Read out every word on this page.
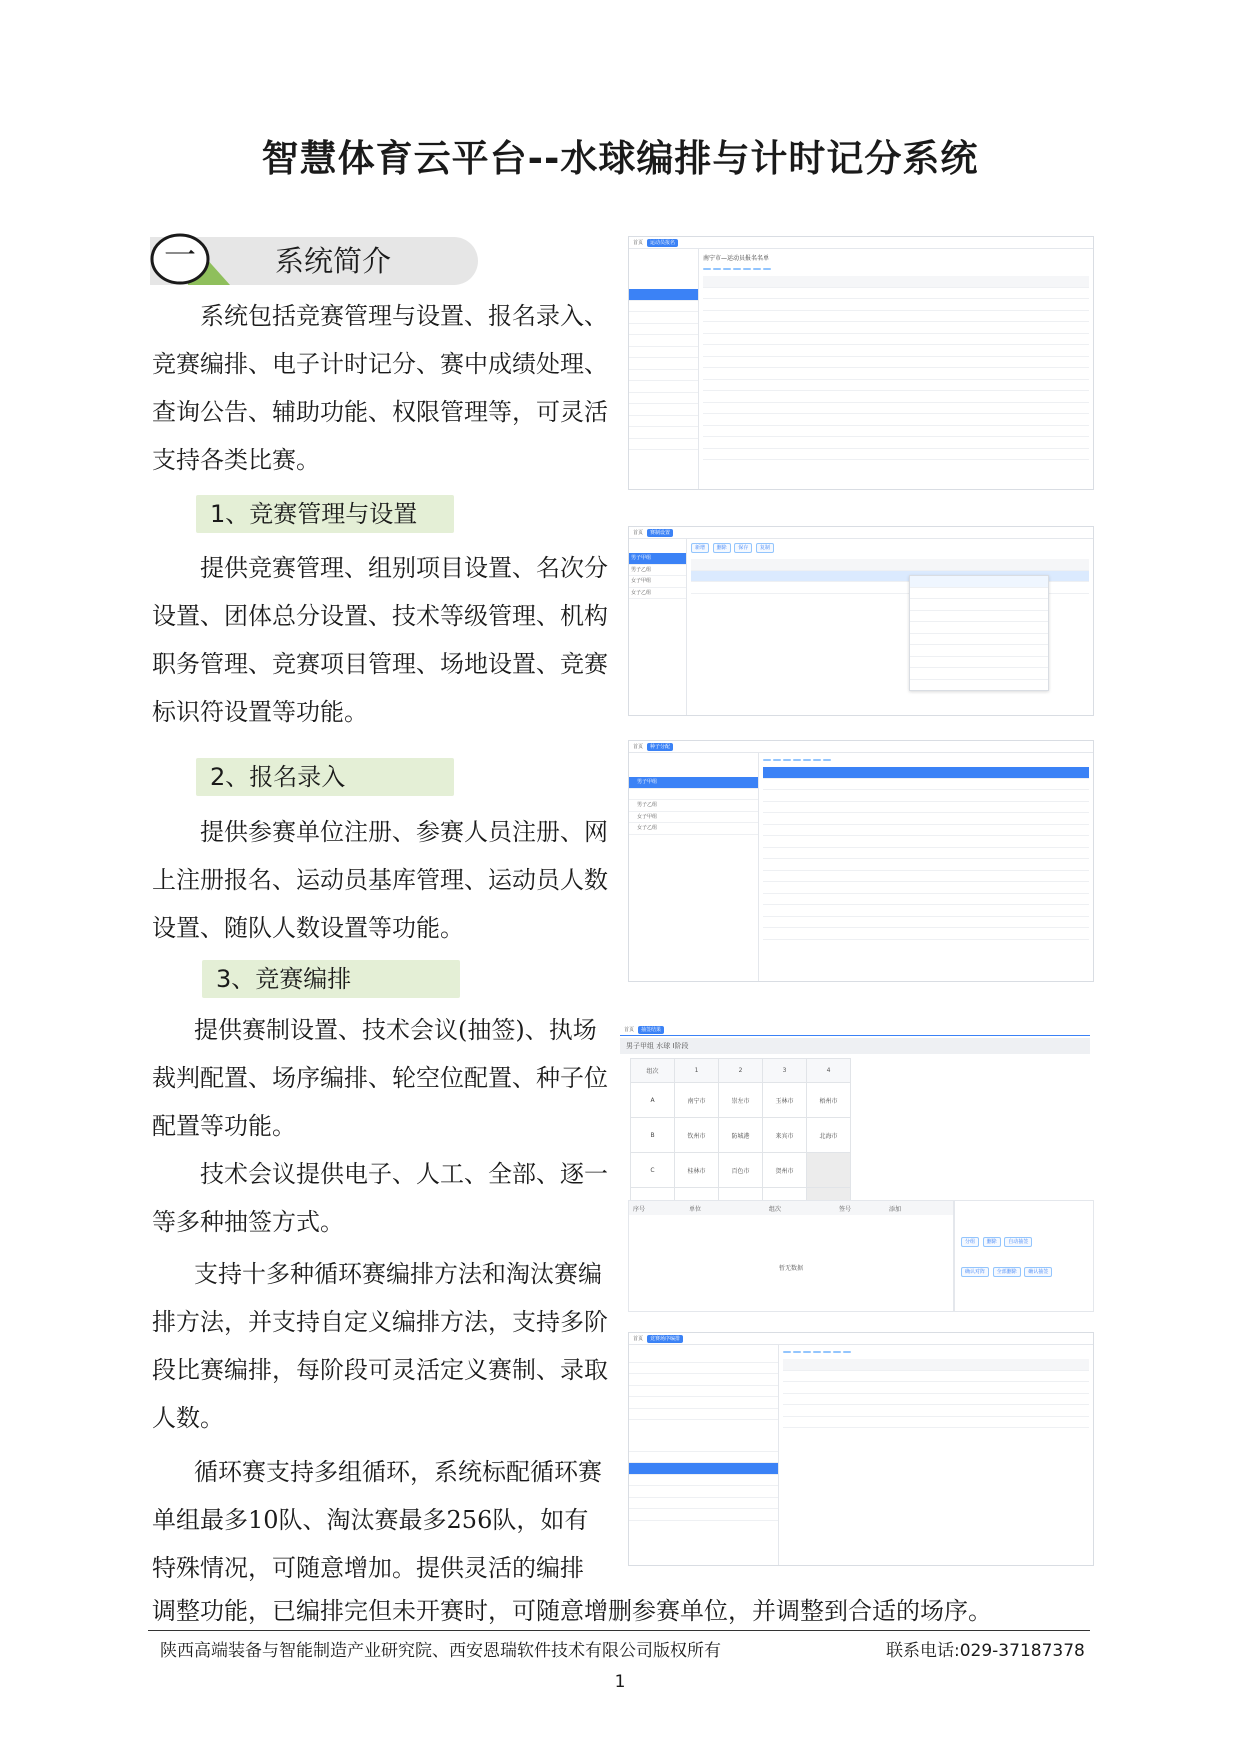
智慧体育云平台--水球编排与计时记分系统
一	系统简介
系统包括竞赛管理与设置、报名录入、竞赛编排、电子计时记分、赛中成绩处理、查询公告、辅助功能、权限管理等，可灵活支持各类比赛。
1、竞赛管理与设置
提供竞赛管理、组别项目设置、名次分设置、团体总分设置、技术等级管理、机构职务管理、竞赛项目管理、场地设置、竞赛标识符设置等功能。
2、报名录入
提供参赛单位注册、参赛人员注册、网上注册报名、运动员基库管理、运动员人数设置、随队人数设置等功能。
3、竞赛编排
提供赛制设置、技术会议(抽签)、执场裁判配置、场序编排、轮空位配置、种子位配置等功能。
技术会议提供电子、人工、全部、逐一等多种抽签方式。
支持十多种循环赛编排方法和淘汰赛编排方法，并支持自定义编排方法，支持多阶段比赛编排，每阶段可灵活定义赛制、录取人数。
循环赛支持多组循环，系统标配循环赛单组最多10队、淘汰赛最多256队，如有特殊情况，可随意增加。提供灵活的编排
调整功能，已编排完但未开赛时，可随意增删参赛单位，并调整到合适的场序。
首页	运动员报名
南宁市—运动员报名名单
首页	赛制设置
男子甲组
男子乙组
女子甲组
女子乙组
新增 删除 保存 复制
首页	种子分配
男子甲组
男子乙组
女子甲组
女子乙组
首页	抽签结果
男子甲组 水球 Ⅰ阶段
组次	1	2	3	4
A	南宁市	崇左市	玉林市	梧州市
B	钦州市	防城港	来宾市	北海市
C	桂林市	百色市	贺州市	

序号	单位	组次	签号	添加
暂无数据
分组 删除 自动抽签
确认对阵 全部删除 确认抽签
首页	竞赛场序编排
陕西高端装备与智能制造产业研究院、西安恩瑞软件技术有限公司版权所有	联系电话:029-37187378
1
